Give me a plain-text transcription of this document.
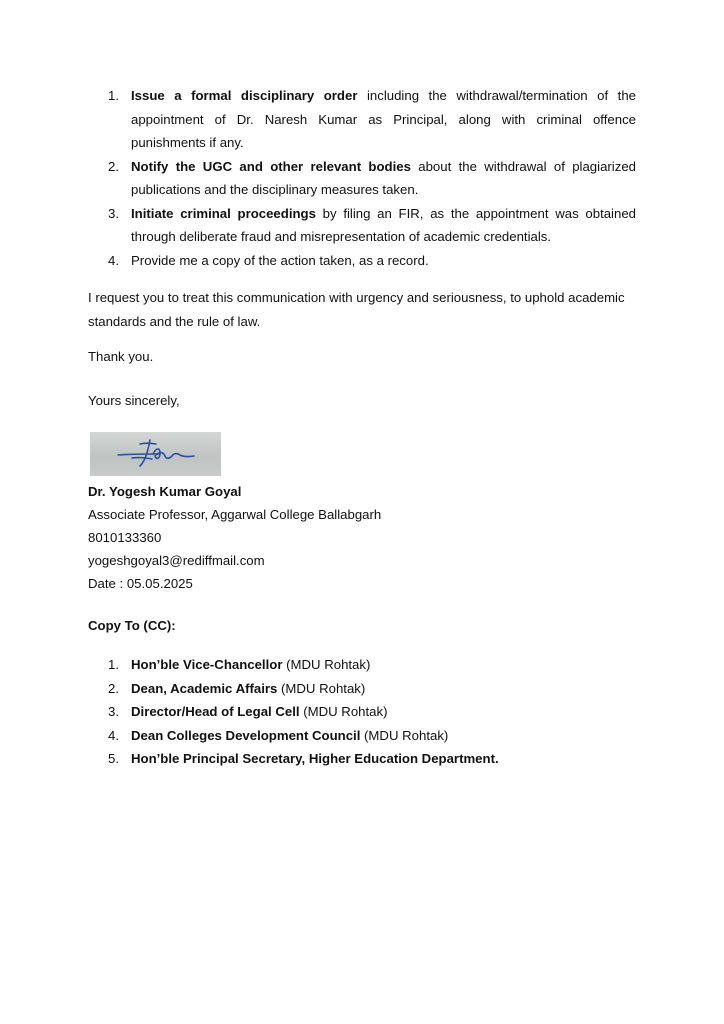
1. Issue a formal disciplinary order including the withdrawal/termination of the appointment of Dr. Naresh Kumar as Principal, along with criminal offence punishments if any.
2. Notify the UGC and other relevant bodies about the withdrawal of plagiarized publications and the disciplinary measures taken.
3. Initiate criminal proceedings by filing an FIR, as the appointment was obtained through deliberate fraud and misrepresentation of academic credentials.
4. Provide me a copy of the action taken, as a record.

I request you to treat this communication with urgency and seriousness, to uphold academic standards and the rule of law.

Thank you.

Yours sincerely,

Dr. Yogesh Kumar Goyal

Associate Professor, Aggarwal College Ballabgarh

8010133360

yogeshgoyal3@rediffmail.com

Date : 05.05.2025

Copy To (CC):

1. Hon’ble Vice-Chancellor (MDU Rohtak)
2. Dean, Academic Affairs (MDU Rohtak)
3. Director/Head of Legal Cell (MDU Rohtak)
4. Dean Colleges Development Council (MDU Rohtak)
5. Hon’ble Principal Secretary, Higher Education Department.
